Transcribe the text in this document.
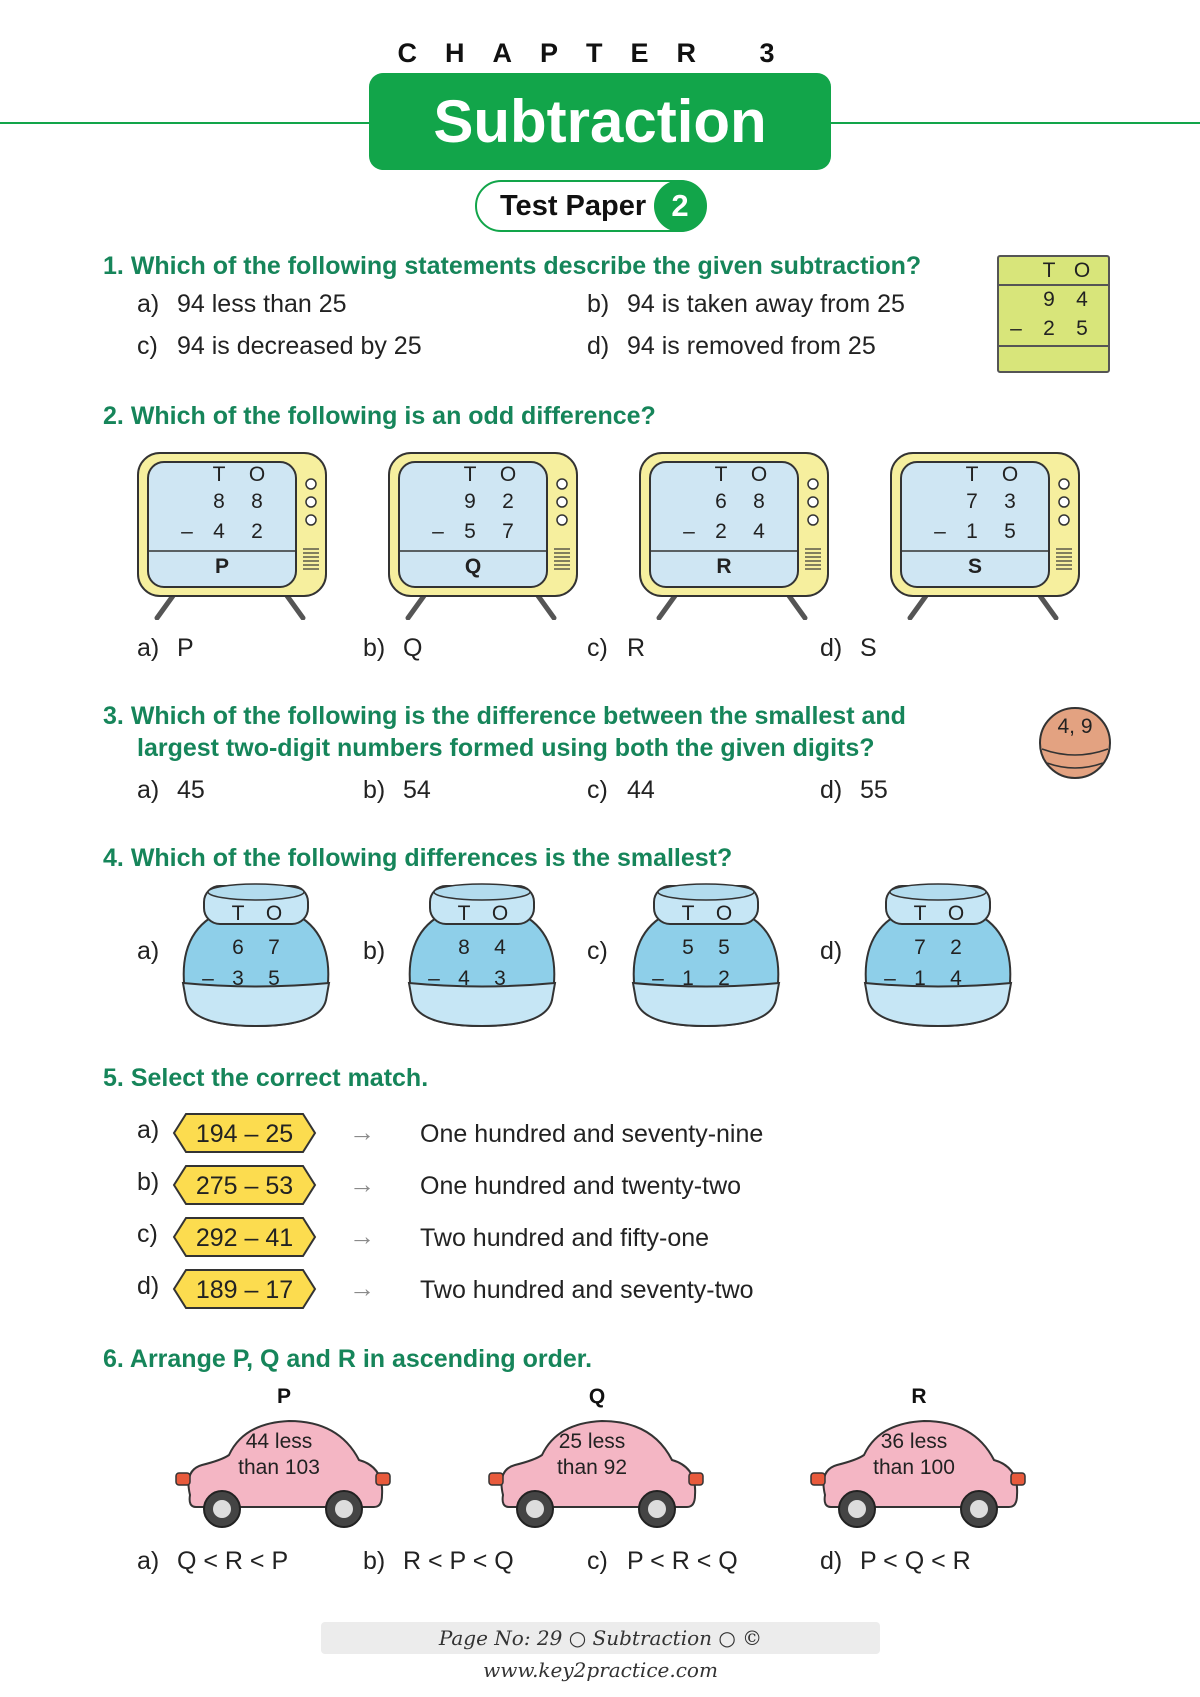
CHAPTER 3
Subtraction
Test Paper 2
1. Which of the following statements describe the given subtraction?
a) 94 less than 25	b) 94 is taken away from 25
c) 94 is decreased by 25	d) 94 is removed from 25
T O
9	4
–	2	5
2. Which of the following is an odd difference?
T	O
8	8
– 4	2
P
T	O
9	2
– 5	7
Q
T	O
6	8
– 2	4
R
T	O
7	3
– 1	5
S
a) P	b) Q	c) R	d) S
3. Which of the following is the difference between the smallest and
largest two-digit numbers formed using both the given digits?
4, 9
a) 45	b) 54	c) 44	d) 55
4. Which of the following differences is the smallest?
a)
T	O
6	7
– 3	5
b)
T	O
8	4
– 4	3
c)
T	O
5	5
– 1	2
d)
T	O
7	2
– 1	4
5. Select the correct match.
a)	194 – 25	→ One hundred and seventy-nine
b)	275 – 53	→ One hundred and twenty-two
c)	292 – 41	→ Two hundred and fifty-one
d)	189 – 17	→ Two hundred and seventy-two
6. Arrange P, Q and R in ascending order.
P
44 less
than 103
Q
25 less
than 92
R
36 less
than 100
a) Q < R < P	b) R < P < Q	c) P < R < Q	d) P < Q < R
Page No: 29 ○ Subtraction ○ © www.key2practice.com
